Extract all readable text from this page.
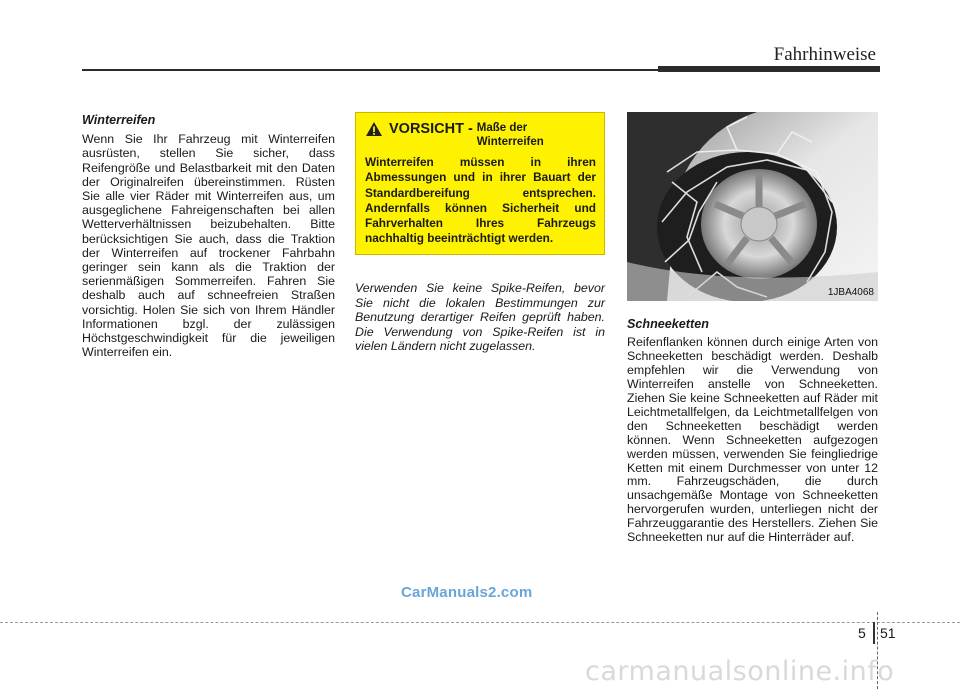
Fahrhinweise

Winterreifen

Wenn Sie Ihr Fahrzeug mit Winterreifen ausrüsten, stellen Sie sicher, dass Reifengröße und Belastbarkeit mit den Daten der Originalreifen übereinstimmen. Rüsten Sie alle vier Räder mit Winterreifen aus, um ausgeglichene Fahreigenschaften bei allen Wetterverhältnissen beizubehalten. Bitte berücksichtigen Sie auch, dass die Traktion der Winterreifen auf trockener Fahrbahn geringer sein kann als die Traktion der serienmäßigen Sommerreifen. Fahren Sie deshalb auch auf schneefreien Straßen vorsichtig. Holen Sie sich von Ihrem Händler Informationen bzgl. der zulässigen Höchstgeschwindigkeit für die jeweiligen Winterreifen ein.

VORSICHT - Maße der Winterreifen
Winterreifen müssen in ihren Abmessungen und in ihrer Bauart der Standardbereifung entsprechen. Andernfalls können Sicherheit und Fahrverhalten Ihres Fahrzeugs nachhaltig beeinträchtigt werden.

Verwenden Sie keine Spike-Reifen, bevor Sie nicht die lokalen Bestimmungen zur Benutzung derartiger Reifen geprüft haben. Die Verwendung von Spike-Reifen ist in vielen Ländern nicht zugelassen.

1JBA4068

Schneeketten

Reifenflanken können durch einige Arten von Schneeketten beschädigt werden. Deshalb empfehlen wir die Verwendung von Winterreifen anstelle von Schneeketten. Ziehen Sie keine Schneeketten auf Räder mit Leichtmetallfelgen, da Leichtmetallfelgen von den Schneeketten beschädigt werden können. Wenn Schneeketten aufgezogen werden müssen, verwenden Sie feingliedrige Ketten mit einem Durchmesser von unter 12 mm. Fahrzeugschäden, die durch unsachgemäße Montage von Schneeketten hervorgerufen wurden, unterliegen nicht der Fahrzeuggarantie des Herstellers. Ziehen Sie Schneeketten nur auf die Hinterräder auf.

CarManuals2.com
5 51
carmanualsonline.info
